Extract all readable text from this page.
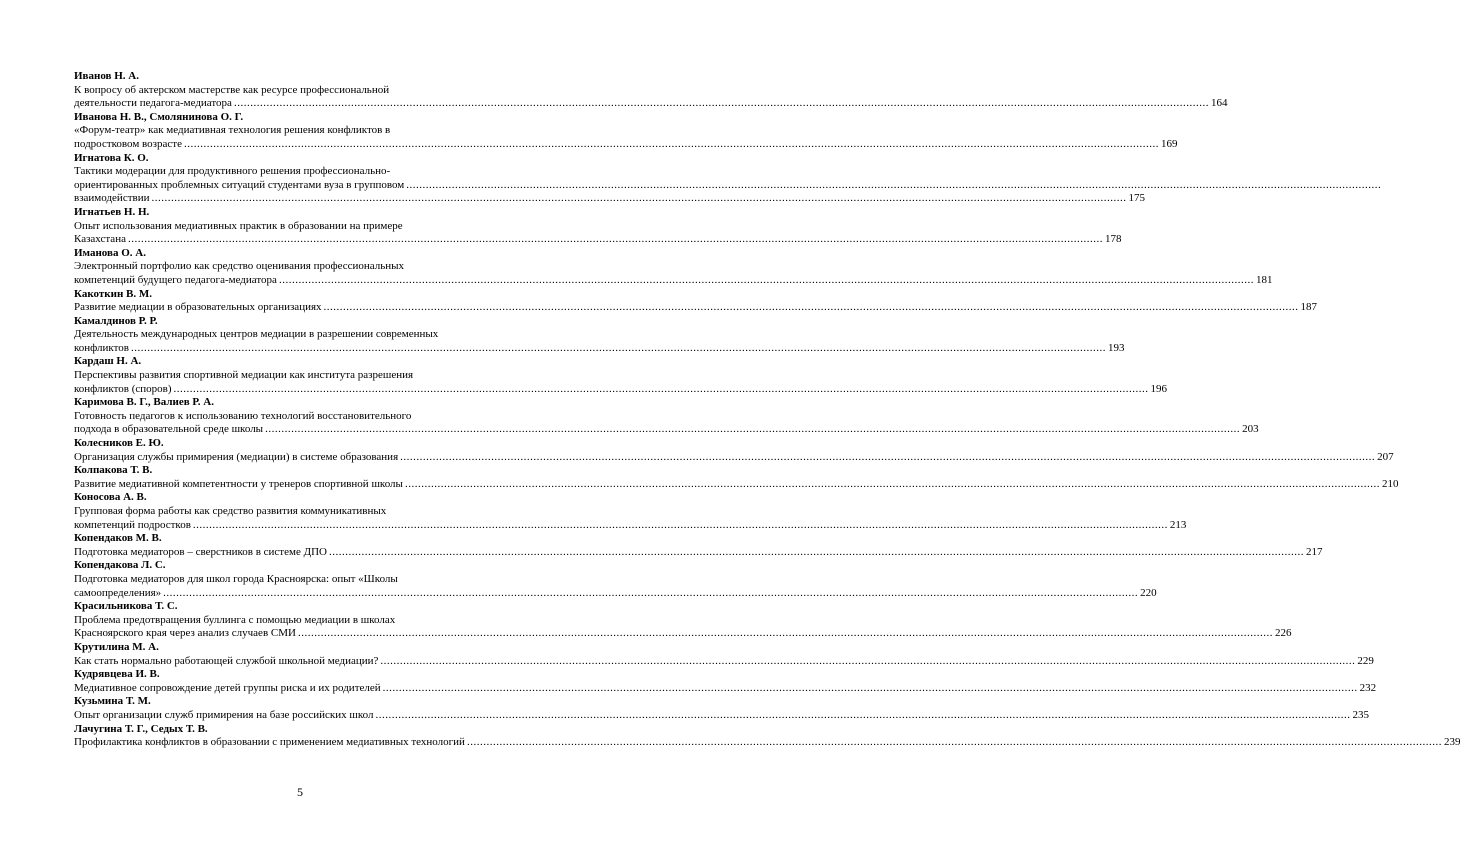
Иванов Н. А.
К вопросу об актерском мастерстве как ресурсе профессиональной
деятельности педагога-медиатора ............................................................................................................................................................................................................................................................................................................ 164
Иванова Н. В., Смолянинова О. Г.
«Форум-театр» как медиативная технология решения конфликтов в
подростковом возрасте ............................................................................................................................................................................................................................................................................................................ 169
Игнатова К. О.
Тактики модерации для продуктивного решения профессионально-
ориентированных проблемных ситуаций студентами вуза в групповом ............................................................................................................................................................................................................................................................................................................
взаимодействии ............................................................................................................................................................................................................................................................................................................ 175
Игнатьев Н. Н.
Опыт использования медиативных практик в образовании на примере
Казахстана ............................................................................................................................................................................................................................................................................................................ 178
Иманова О. А.
Электронный портфолио как средство оценивания профессиональных
компетенций будущего педагога-медиатора ............................................................................................................................................................................................................................................................................................................ 181
Какоткин В. М.
Развитие медиации в образовательных организациях ............................................................................................................................................................................................................................................................................................................ 187
Камалдинов Р. Р.
Деятельность международных центров медиации в разрешении современных
конфликтов ............................................................................................................................................................................................................................................................................................................ 193
Кардаш Н. А.
Перспективы развития спортивной медиации как института разрешения
конфликтов (споров) ............................................................................................................................................................................................................................................................................................................ 196
Каримова В. Г., Валиев Р. А.
Готовность педагогов к использованию технологий восстановительного
подхода в образовательной среде школы ............................................................................................................................................................................................................................................................................................................ 203
Колесников Е. Ю.
Организация службы примирения (медиации) в системе образования ............................................................................................................................................................................................................................................................................................................ 207
Колпакова Т. В.
Развитие медиативной компетентности у тренеров спортивной школы ............................................................................................................................................................................................................................................................................................................ 210
Коносова А. В.
Групповая форма работы как средство развития коммуникативных
компетенций подростков ............................................................................................................................................................................................................................................................................................................ 213
Копендаков М. В.
Подготовка медиаторов – сверстников в системе ДПО ............................................................................................................................................................................................................................................................................................................ 217
Копендакова Л. С.
Подготовка медиаторов для школ города Красноярска: опыт «Школы
самоопределения» ............................................................................................................................................................................................................................................................................................................ 220
Красильникова Т. С.
Проблема предотвращения буллинга с помощью медиации в школах
Красноярского края через анализ случаев СМИ ............................................................................................................................................................................................................................................................................................................ 226
Крутилина М. А.
Как стать нормально работающей службой школьной медиации? ............................................................................................................................................................................................................................................................................................................ 229
Кудрявцева И. В.
Медиативное сопровождение детей группы риска и их родителей ............................................................................................................................................................................................................................................................................................................ 232
Кузьмина Т. М.
Опыт организации служб примирения на базе российских школ ............................................................................................................................................................................................................................................................................................................ 235
Лачугина Т. Г., Седых Т. В.
Профилактика конфликтов в образовании с применением медиативных технологий ............................................................................................................................................................................................................................................................................................................ 239
5
